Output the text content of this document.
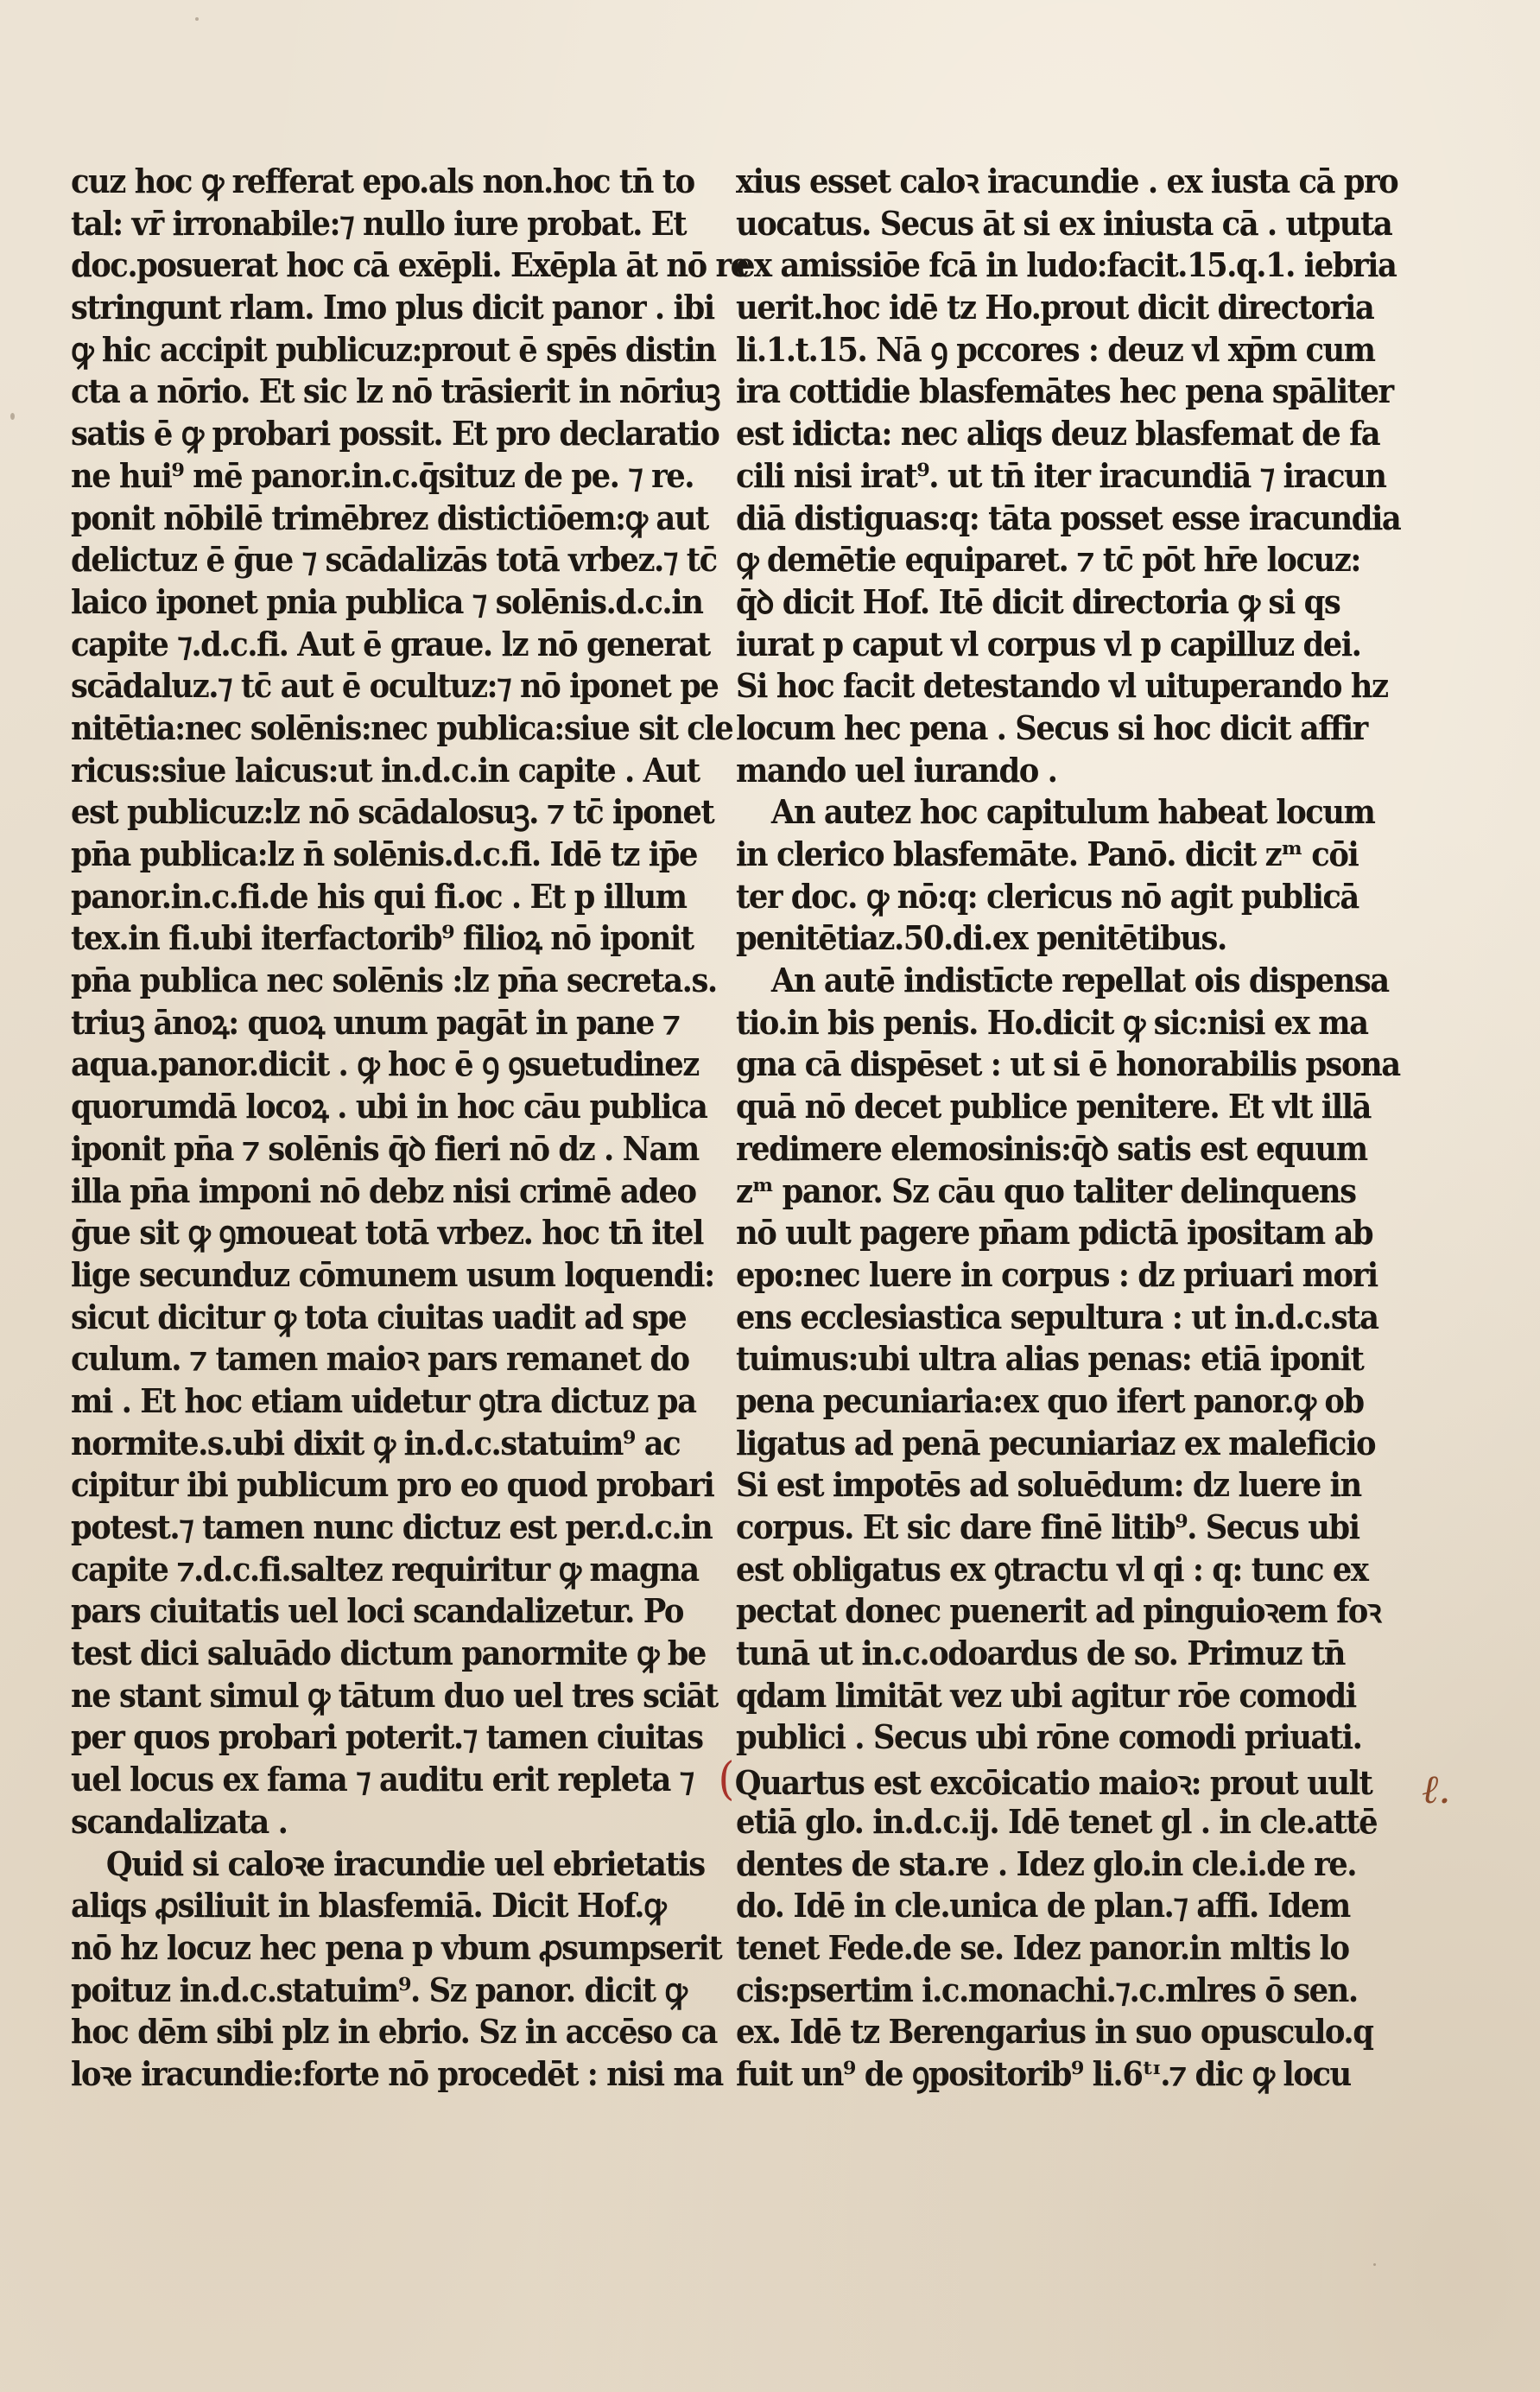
cuz hoc ꝙ refferat epo.als non.hoc tn̄ to
tal: vr̄ irronabile:⁊ nullo iure probat. Et
doc.posuerat hoc cā exēpli. Exēpla āt nō re
stringunt rlam. Imo plus dicit panor . ibi
ꝙ hic accipit publicuz:prout ē spēs distin
cta a nōrio. Et sic lz nō trāsierit in nōriuꝫ
satis ē ꝙ probari possit. Et pro declaratio
ne hui⁹ mē panor.in.c.q̄situz de pe. ⁊ re.
ponit nōbilē trimēbrez distictiōem:ꝙ aut
delictuz ē ḡue ⁊ scādalizās totā vrbez.⁊ tc̄
laico iponet pnia publica ⁊ solēnis.d.c.in
capite ⁊.d.c.fi. Aut ē graue. lz nō generat
scādaluz.⁊ tc̄ aut ē ocultuz:⁊ nō iponet pe
nitētia:nec solēnis:nec publica:siue sit cle
ricus:siue laicus:ut in.d.c.in capite . Aut
est publicuz:lz nō scādalosuꝫ. ⁊ tc̄ iponet
pn̄a publica:lz n̄ solēnis.d.c.fi. Idē tz ip̄e
panor.in.c.fi.de his qui fi.oc . Et p illum
tex.in fi.ubi iterfactorib⁹ filioꝝ nō iponit
pn̄a publica nec solēnis :lz pn̄a secreta.s.
triuꝫ ānoꝝ: quoꝝ unum pagāt in pane ⁊
aqua.panor.dicit . ꝙ hoc ē ꝯ ꝯsuetudinez
quorumdā locoꝝ . ubi in hoc cāu publica
iponit pn̄a ⁊ solēnis q̄ꝺ fieri nō dz . Nam
illa pn̄a imponi nō debz nisi crimē adeo
ḡue sit ꝙ ꝯmoueat totā vrbez. hoc tn̄ itel
lige secunduz cōmunem usum loquendi:
sicut dicitur ꝙ tota ciuitas uadit ad spe
culum. ⁊ tamen maioꝛ pars remanet do
mi . Et hoc etiam uidetur ꝯtra dictuz pa
normite.s.ubi dixit ꝙ in.d.c.statuim⁹ ac
cipitur ibi publicum pro eo quod probari
potest.⁊ tamen nunc dictuz est per.d.c.in
capite ⁊.d.c.fi.saltez requiritur ꝙ magna
pars ciuitatis uel loci scandalizetur. Po
test dici saluādo dictum panormite ꝙ be
ne stant simul ꝙ tātum duo uel tres sciāt
per quos probari poterit.⁊ tamen ciuitas
uel locus ex fama ⁊ auditu erit repleta ⁊
scandalizata .
Quid si caloꝛe iracundie uel ebrietatis
aliqs ꝓsiliuit in blasfemiā. Dicit Hof.ꝙ
nō hz locuz hec pena p vbum ꝓsumpserit
poituz in.d.c.statuim⁹. Sz panor. dicit ꝙ
hoc dēm sibi plz in ebrio. Sz in accēso ca
loꝛe iracundie:forte nō procedēt : nisi ma
xius esset caloꝛ iracundie . ex iusta cā pro
uocatus. Secus āt si ex iniusta cā . utputa
ex amissiōe fcā in ludo:facit.15.q.1. iebria
uerit.hoc idē tz Ho.prout dicit directoria
li.1.t.15. Nā ꝯ pccores : deuz vl xp̄m cum
ira cottidie blasfemātes hec pena spāliter
est idicta: nec aliqs deuz blasfemat de fa
cili nisi irat⁹. ut tn̄ iter iracundiā ⁊ iracun
diā distiguas:q: tāta posset esse iracundia
ꝙ demētie equiparet. ⁊ tc̄ pōt hr̄e locuz:
q̄ꝺ dicit Hof. Itē dicit directoria ꝙ si qs
iurat p caput vl corpus vl p capilluz dei.
Si hoc facit detestando vl uituperando hz
locum hec pena . Secus si hoc dicit affir
mando uel iurando .
An autez hoc capitulum habeat locum
in clerico blasfemāte. Panō. dicit zᵐ cōi
ter doc. ꝙ nō:q: clericus nō agit publicā
penitētiaz.50.di.ex penitētibus.
An autē indistīcte repellat ois dispensa
tio.in bis penis. Ho.dicit ꝙ sic:nisi ex ma
gna cā dispēset : ut si ē honorabilis psona
quā nō decet publice penitere. Et vlt illā
redimere elemosinis:q̄ꝺ satis est equum
zᵐ panor. Sz cāu quo taliter delinquens
nō uult pagere pn̄am pdictā ipositam ab
epo:nec luere in corpus : dz priuari mori
ens ecclesiastica sepultura : ut in.d.c.sta
tuimus:ubi ultra alias penas: etiā iponit
pena pecuniaria:ex quo ifert panor.ꝙ ob
ligatus ad penā pecuniariaz ex maleficio
Si est impotēs ad soluēdum: dz luere in
corpus. Et sic dare finē litib⁹. Secus ubi
est obligatus ex ꝯtractu vl qi : q: tunc ex
pectat donec puenerit ad pinguioꝛem foꝛ
tunā ut in.c.odoardus de so. Primuz tn̄
qdam limitāt vez ubi agitur rōe comodi
publici . Secus ubi rōne comodi priuati.
(Quartus est excōicatio maioꝛ: prout uult
etiā glo. in.d.c.ij. Idē tenet gl . in cle.attē
dentes de sta.re . Idez glo.in cle.i.de re.
do. Idē in cle.unica de plan.⁊ affi. Idem
tenet Fede.de se. Idez panor.in mltis lo
cis:psertim i.c.monachi.⁊.c.mlres ō sen.
ex. Idē tz Berengarius in suo opusculo.q
fuit un⁹ de ꝯpositorib⁹ li.6ᵗᶦ.⁊ dic ꝙ locu
ℓ.
